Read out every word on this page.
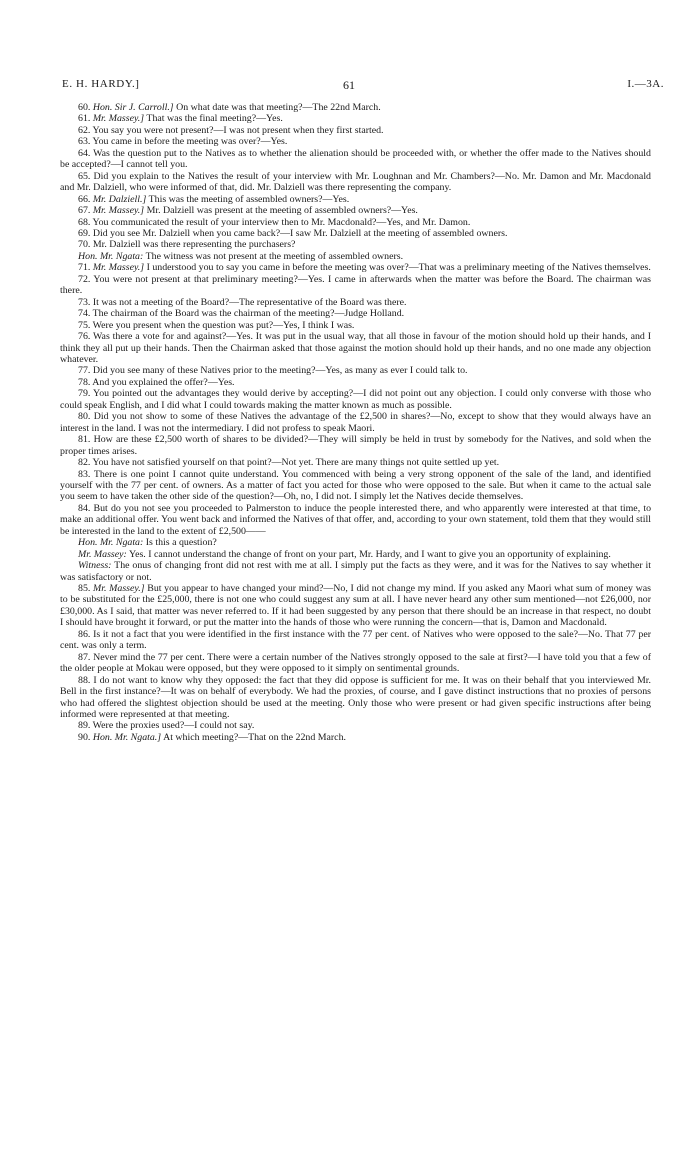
E. H. HARDY.]	61	I.—3A.

60. Hon. Sir J. Carroll.] On what date was that meeting?—The 22nd March.

61. Mr. Massey.] That was the final meeting?—Yes.

62. You say you were not present?—I was not present when they first started.

63. You came in before the meeting was over?—Yes.

64. Was the question put to the Natives as to whether the alienation should be proceeded with, or whether the offer made to the Natives should be accepted?—I cannot tell you.

65. Did you explain to the Natives the result of your interview with Mr. Loughnan and Mr. Chambers?—No. Mr. Damon and Mr. Macdonald and Mr. Dalziell, who were informed of that, did. Mr. Dalziell was there representing the company.

66. Mr. Dalziell.] This was the meeting of assembled owners?—Yes.

67. Mr. Massey.] Mr. Dalziell was present at the meeting of assembled owners?—Yes.

68. You communicated the result of your interview then to Mr. Macdonald?—Yes, and Mr. Damon.

69. Did you see Mr. Dalziell when you came back?—I saw Mr. Dalziell at the meeting of assembled owners.

70. Mr. Dalziell was there representing the purchasers?

Hon. Mr. Ngata: The witness was not present at the meeting of assembled owners.

71. Mr. Massey.] I understood you to say you came in before the meeting was over?—That was a preliminary meeting of the Natives themselves.

72. You were not present at that preliminary meeting?—Yes. I came in afterwards when the matter was before the Board. The chairman was there.

73. It was not a meeting of the Board?—The representative of the Board was there.

74. The chairman of the Board was the chairman of the meeting?—Judge Holland.

75. Were you present when the question was put?—Yes, I think I was.

76. Was there a vote for and against?—Yes. It was put in the usual way, that all those in favour of the motion should hold up their hands, and I think they all put up their hands. Then the Chairman asked that those against the motion should hold up their hands, and no one made any objection whatever.

77. Did you see many of these Natives prior to the meeting?—Yes, as many as ever I could talk to.

78. And you explained the offer?—Yes.

79. You pointed out the advantages they would derive by accepting?—I did not point out any objection. I could only converse with those who could speak English, and I did what I could towards making the matter known as much as possible.

80. Did you not show to some of these Natives the advantage of the £2,500 in shares?—No, except to show that they would always have an interest in the land. I was not the intermediary. I did not profess to speak Maori.

81. How are these £2,500 worth of shares to be divided?—They will simply be held in trust by somebody for the Natives, and sold when the proper times arises.

82. You have not satisfied yourself on that point?—Not yet. There are many things not quite settled up yet.

83. There is one point I cannot quite understand. You commenced with being a very strong opponent of the sale of the land, and identified yourself with the 77 per cent. of owners. As a matter of fact you acted for those who were opposed to the sale. But when it came to the actual sale you seem to have taken the other side of the question?—Oh, no, I did not. I simply let the Natives decide themselves.

84. But do you not see you proceeded to Palmerston to induce the people interested there, and who apparently were interested at that time, to make an additional offer. You went back and informed the Natives of that offer, and, according to your own statement, told them that they would still be interested in the land to the extent of £2,500——

Hon. Mr. Ngata: Is this a question?

Mr. Massey: Yes. I cannot understand the change of front on your part, Mr. Hardy, and I want to give you an opportunity of explaining.

Witness: The onus of changing front did not rest with me at all. I simply put the facts as they were, and it was for the Natives to say whether it was satisfactory or not.

85. Mr. Massey.] But you appear to have changed your mind?—No, I did not change my mind. If you asked any Maori what sum of money was to be substituted for the £25,000, there is not one who could suggest any sum at all. I have never heard any other sum mentioned—not £26,000, nor £30,000. As I said, that matter was never referred to. If it had been suggested by any person that there should be an increase in that respect, no doubt I should have brought it forward, or put the matter into the hands of those who were running the concern—that is, Damon and Macdonald.

86. Is it not a fact that you were identified in the first instance with the 77 per cent. of Natives who were opposed to the sale?—No. That 77 per cent. was only a term.

87. Never mind the 77 per cent. There were a certain number of the Natives strongly opposed to the sale at first?—I have told you that a few of the older people at Mokau were opposed, but they were opposed to it simply on sentimental grounds.

88. I do not want to know why they opposed: the fact that they did oppose is sufficient for me. It was on their behalf that you interviewed Mr. Bell in the first instance?—It was on behalf of everybody. We had the proxies, of course, and I gave distinct instructions that no proxies of persons who had offered the slightest objection should be used at the meeting. Only those who were present or had given specific instructions after being informed were represented at that meeting.

89. Were the proxies used?—I could not say.

90. Hon. Mr. Ngata.] At which meeting?—That on the 22nd March.
